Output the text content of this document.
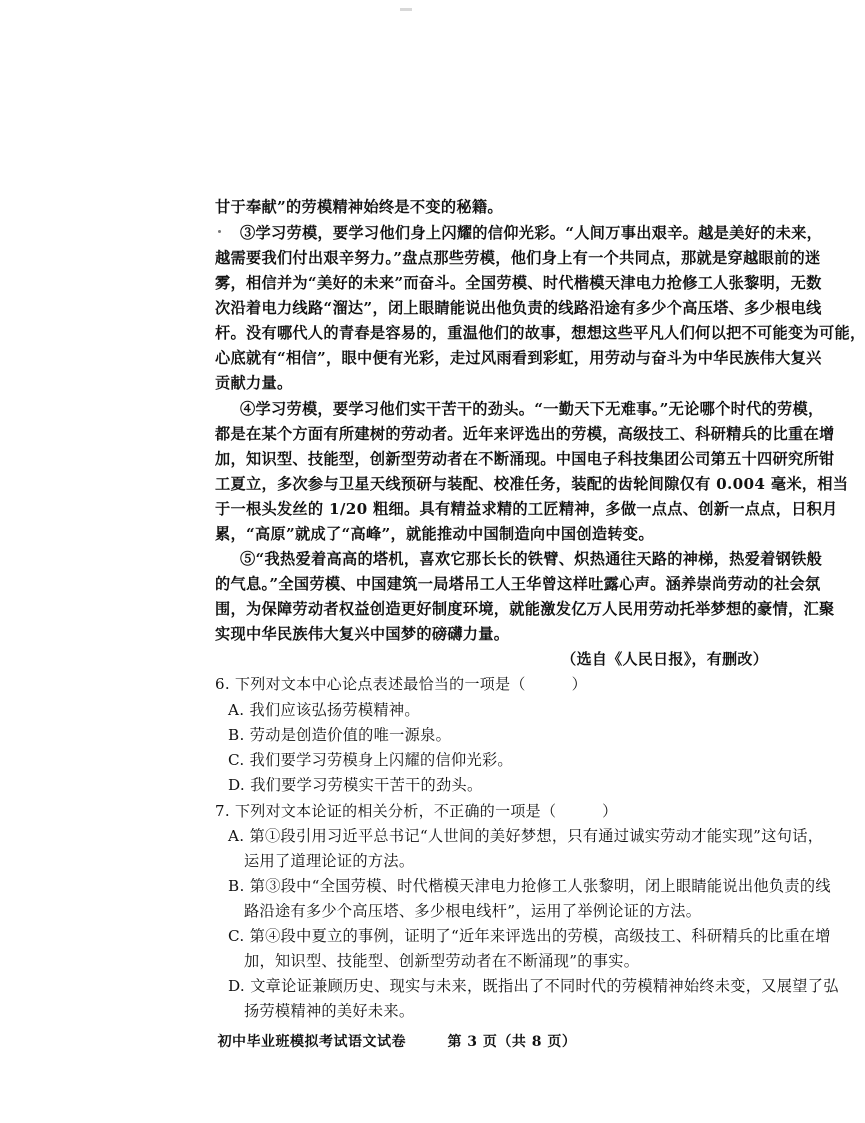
甘于奉献”的劳模精神始终是不变的秘籍。
③学习劳模，要学习他们身上闪耀的信仰光彩。“人间万事出艰辛。越是美好的未来，
越需要我们付出艰辛努力。”盘点那些劳模，他们身上有一个共同点，那就是穿越眼前的迷
雾，相信并为“美好的未来”而奋斗。全国劳模、时代楷模天津电力抢修工人张黎明，无数
次沿着电力线路“溜达”，闭上眼睛能说出他负责的线路沿途有多少个高压塔、多少根电线
杆。没有哪代人的青春是容易的，重温他们的故事，想想这些平凡人们何以把不可能变为可能，
心底就有“相信”，眼中便有光彩，走过风雨看到彩虹，用劳动与奋斗为中华民族伟大复兴
贡献力量。
④学习劳模，要学习他们实干苦干的劲头。“一勤天下无难事。”无论哪个时代的劳模，
都是在某个方面有所建树的劳动者。近年来评选出的劳模，高级技工、科研精兵的比重在增
加，知识型、技能型，创新型劳动者在不断涌现。中国电子科技集团公司第五十四研究所钳
工夏立，多次参与卫星天线预研与装配、校准任务，装配的齿轮间隙仅有 0.004 毫米，相当
于一根头发丝的 1/20 粗细。具有精益求精的工匠精神，多做一点点、创新一点点，日积月
累，“高原”就成了“高峰”，就能推动中国制造向中国创造转变。
⑤“我热爱着高高的塔机，喜欢它那长长的铁臂、炽热通往天路的神梯，热爱着钢铁般
的气息。”全国劳模、中国建筑一局塔吊工人王华曾这样吐露心声。涵养崇尚劳动的社会氛
围，为保障劳动者权益创造更好制度环境，就能激发亿万人民用劳动托举梦想的豪情，汇聚
实现中华民族伟大复兴中国梦的磅礴力量。
（选自《人民日报》，有删改）
6. 下列对文本中心论点表述最恰当的一项是（　　　）
A. 我们应该弘扬劳模精神。
B. 劳动是创造价值的唯一源泉。
C. 我们要学习劳模身上闪耀的信仰光彩。
D. 我们要学习劳模实干苦干的劲头。
7. 下列对文本论证的相关分析，不正确的一项是（　　　）
A. 第①段引用习近平总书记“人世间的美好梦想，只有通过诚实劳动才能实现”这句话，
运用了道理论证的方法。
B. 第③段中“全国劳模、时代楷模天津电力抢修工人张黎明，闭上眼睛能说出他负责的线
路沿途有多少个高压塔、多少根电线杆”，运用了举例论证的方法。
C. 第④段中夏立的事例，证明了“近年来评选出的劳模，高级技工、科研精兵的比重在增
加，知识型、技能型、创新型劳动者在不断涌现”的事实。
D. 文章论证兼顾历史、现实与未来，既指出了不同时代的劳模精神始终未变，又展望了弘
扬劳模精神的美好未来。
初中毕业班模拟考试语文试卷	第 3 页（共 8 页）
